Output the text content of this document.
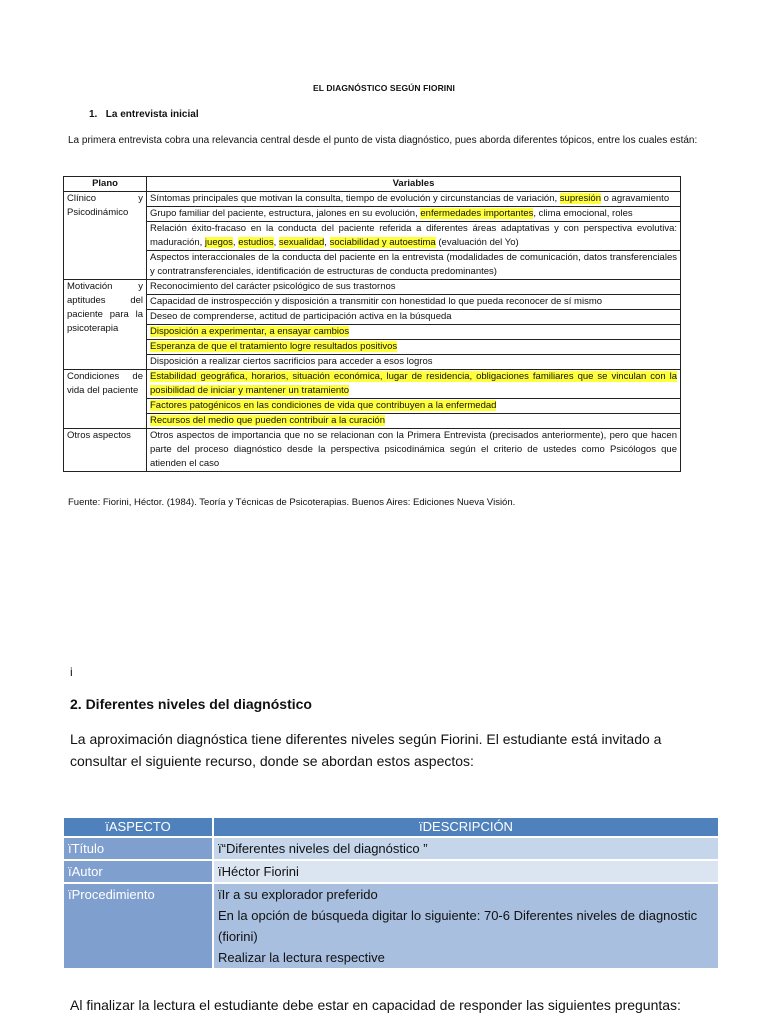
EL DIAGNÓSTICO SEGÚN FIORINI
1. La entrevista inicial
La primera entrevista cobra una relevancia central desde el punto de vista diagnóstico, pues aborda diferentes tópicos, entre los cuales están:
Plano	Variables
Clínico y Psicodinámico	Síntomas principales que motivan la consulta, tiempo de evolución y circunstancias de variación, supresión o agravamiento
	Grupo familiar del paciente, estructura, jalones en su evolución, enfermedades importantes, clima emocional, roles
	Relación éxito-fracaso en la conducta del paciente referida a diferentes áreas adaptativas y con perspectiva evolutiva: maduración, juegos, estudios, sexualidad, sociabilidad y autoestima (evaluación del Yo)
	Aspectos interaccionales de la conducta del paciente en la entrevista (modalidades de comunicación, datos transferenciales y contratransferenciales, identificación de estructuras de conducta predominantes)
Motivación y aptitudes del paciente para la psicoterapia	Reconocimiento del carácter psicológico de sus trastornos
	Capacidad de instrospección y disposición a transmitir con honestidad lo que pueda reconocer de sí mismo
	Deseo de comprenderse, actitud de participación activa en la búsqueda
	Disposición a experimentar, a ensayar cambios
	Esperanza de que el tratamiento logre resultados positivos
	Disposición a realizar ciertos sacrificios para acceder a esos logros
Condiciones de vida del paciente	Estabilidad geográfica, horarios, situación económica, lugar de residencia, obligaciones familiares que se vinculan con la posibilidad de iniciar y mantener un tratamiento
	Factores patogénicos en las condiciones de vida que contribuyen a la enfermedad
	Recursos del medio que pueden contribuir a la curación
Otros aspectos	Otros aspectos de importancia que no se relacionan con la Primera Entrevista (precisados anteriormente), pero que hacen parte del proceso diagnóstico desde la perspectiva psicodinámica según el criterio de ustedes como Psicólogos que atienden el caso
Fuente: Fiorini, Héctor. (1984). Teoría y Técnicas de Psicoterapias. Buenos Aires: Ediciones Nueva Visión.
i
2. Diferentes niveles del diagnóstico
La aproximación diagnóstica tiene diferentes niveles según Fiorini. El estudiante está invitado a consultar el siguiente recurso, donde se abordan estos aspectos:
ïASPECTO	ïDESCRIPCIÓN
ïTítulo	ï“Diferentes niveles del diagnóstico ”
ïAutor	ïHéctor Fiorini
ïProcedimiento	ïIr a su explorador preferido
En la opción de búsqueda digitar lo siguiente: 70-6 Diferentes niveles de diagnostic (fiorini)
Realizar la lectura respective
Al finalizar la lectura el estudiante debe estar en capacidad de responder las siguientes preguntas:
